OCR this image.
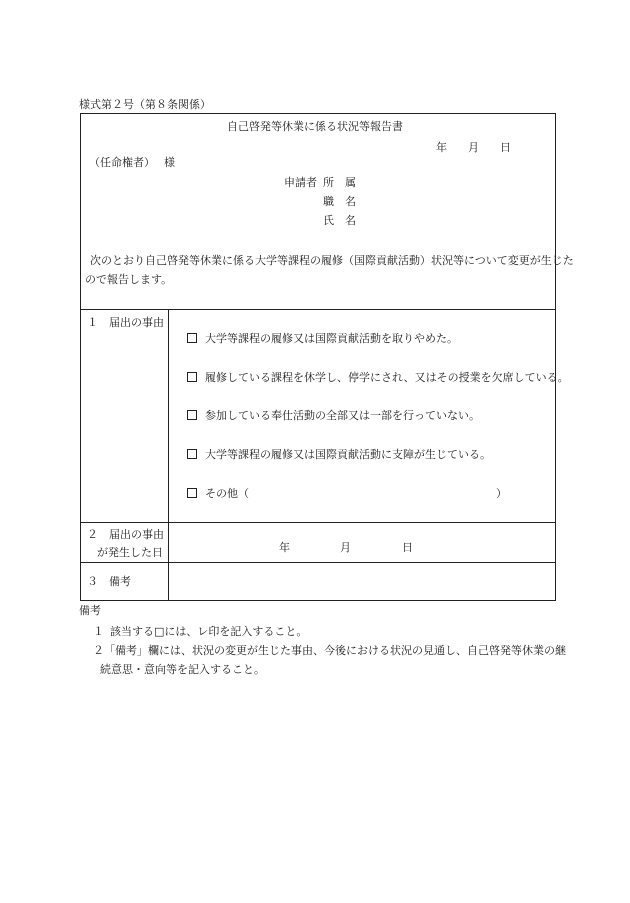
様式第２号（第８条関係）
自己啓発等休業に係る状況等報告書
年 月 日
（任命権者）　 様
申請者 所　属
職　名
氏　名
次のとおり自己啓発等休業に係る大学等課程の履修（国際貢献活動）状況等について変更が生じた
ので報告します。
１　届出の事由
大学等課程の履修又は国際貢献活動を取りやめた。
履修している課程を休学し、停学にされ、又はその授業を欠席している。
参加している奉仕活動の全部又は一部を行っていない。
大学等課程の履修又は国際貢献活動に支障が生じている。
その他（	）
２　届出の事由
が発生した日	年	月	日
３　備考
備考
１ 該当する□には、レ印を記入すること。
２ 「備考」欄には、状況の変更が生じた事由、今後における状況の見通し、自己啓発等休業の継
続意思・意向等を記入すること。
